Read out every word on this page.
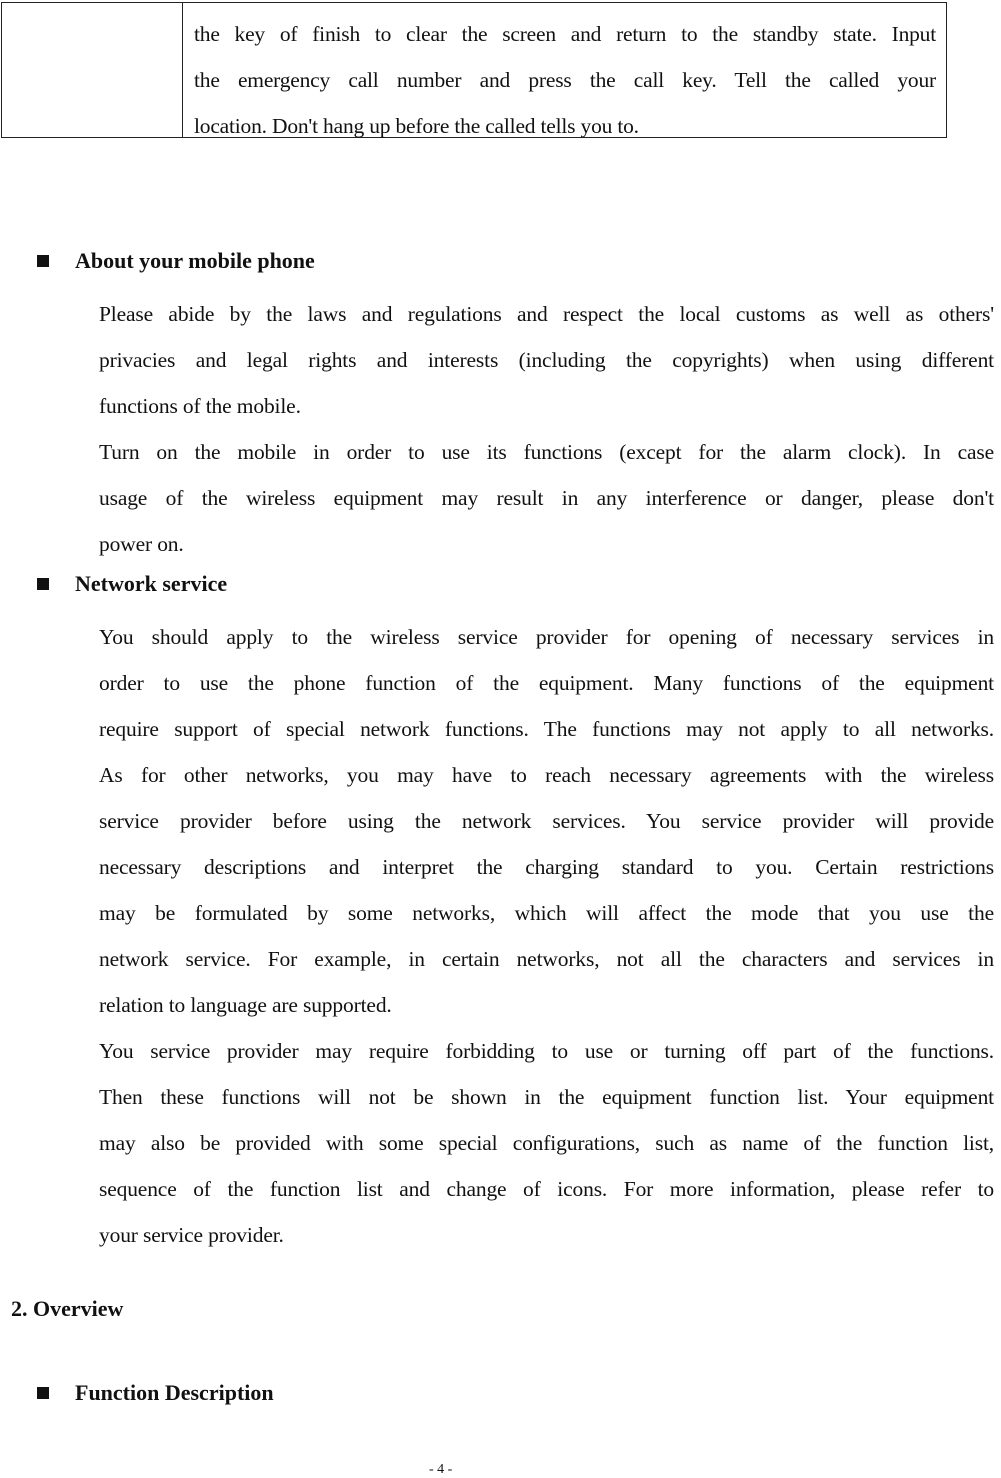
the key of finish to clear the screen and return to the standby state. Input
the emergency call number and press the call key. Tell the called your
location. Don't hang up before the called tells you to.
About your mobile phone
Please abide by the laws and regulations and respect the local customs as well as others'
privacies and legal rights and interests (including the copyrights) when using different
functions of the mobile.
Turn on the mobile in order to use its functions (except for the alarm clock). In case
usage of the wireless equipment may result in any interference or danger, please don't
power on.
Network service
You should apply to the wireless service provider for opening of necessary services in
order to use the phone function of the equipment. Many functions of the equipment
require support of special network functions. The functions may not apply to all networks.
As for other networks, you may have to reach necessary agreements with the wireless
service provider before using the network services. You service provider will provide
necessary descriptions and interpret the charging standard to you. Certain restrictions
may be formulated by some networks, which will affect the mode that you use the
network service. For example, in certain networks, not all the characters and services in
relation to language are supported.
You service provider may require forbidding to use or turning off part of the functions.
Then these functions will not be shown in the equipment function list. Your equipment
may also be provided with some special configurations, such as name of the function list,
sequence of the function list and change of icons. For more information, please refer to
your service provider.
2. Overview
Function Description
- 4 -
